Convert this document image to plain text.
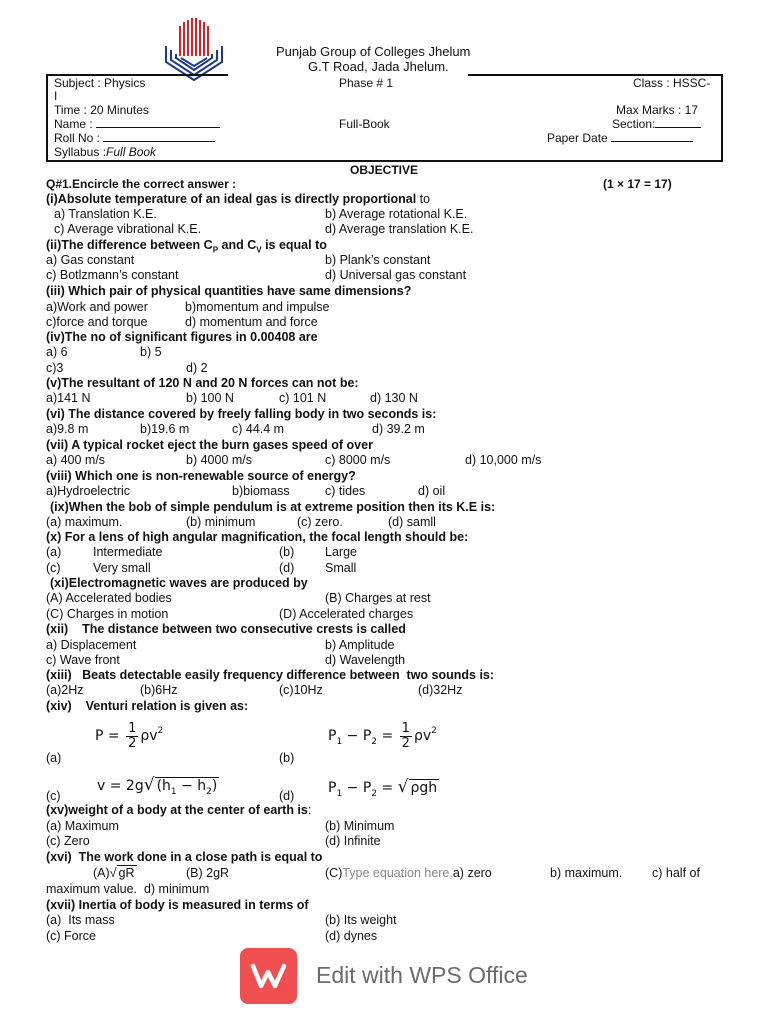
Punjab Group of Colleges Jhelum
G.T Road, Jada Jhelum.
Subject : Physics	Phase # 1	Class : HSSC-
I
Time : 20 Minutes	Max Marks : 17
Name :	Full-Book	Section:
Roll No :	Paper Date
Syllabus :Full Book
OBJECTIVE
Q#1.Encircle the correct answer :	(1 × 17 = 17)
(i)Absolute temperature of an ideal gas is directly proportional to
a) Translation K.E.	b) Average rotational K.E.
c) Average vibrational K.E.	d) Average translation K.E.
(ii)The difference between $C_P$ and $C_V$ is equal to
a) Gas constant	b) Plank’s constant
c) Botlzmann’s constant	d) Universal gas constant
(iii) Which pair of physical quantities have same dimensions?
a)Work and power	b)momentum and impulse
c)force and torque	d) momentum and force
(iv)The no of significant figures in 0.00408 are
a) 6	b) 5
c)3	d) 2
(v)The resultant of 120 N and 20 N forces can not be:
a)141 N	b) 100 N	c) 101 N	d) 130 N
(vi) The distance covered by freely falling body in two seconds is:
a)9.8 m	b)19.6 m	c) 44.4 m	d) 39.2 m
(vii) A typical rocket eject the burn gases speed of over
a) 400 m/s	b) 4000 m/s	c) 8000 m/s	d) 10,000 m/s
(viii) Which one is non-renewable source of energy?
a)Hydroelectric	b)biomass	c) tides	d) oil
(ix)When the bob of simple pendulum is at extreme position then its K.E is:
(a) maximum.	(b) minimum	(c) zero.	(d) samll
(x) For a lens of high angular magnification, the focal length should be:
(a)	Intermediate	(b) Large
(c)	Very small	(d) Small
(xi)Electromagnetic waves are produced by
(A) Accelerated bodies	(B) Charges at rest
(C) Charges in motion	(D) Accelerated charges
(xii)    The distance between two consecutive crests is called
a) Displacement	b) Amplitude
c) Wave front	d) Wavelength
(xiii)   Beats detectable easily frequency difference between  two sounds is:
(a)2Hz	(b)6Hz	(c)10Hz	(d)32Hz
(xiv)    Venturi relation is given as:
(a)
$P = \frac{1}{2} \rho v^2$
(b)
$P_1 - P_2 = \frac{1}{2} \rho v^2$
(c)
v = 2g√ $(h_1 - h_2)$
(d) $P_1 - P_2$ = √ ρgh
(xv)weight of a body at the center of earth is:
(a) Maximum	(b) Minimum
(c) Zero	(d) Infinite
(xvi)  The work done in a close path is equal to
(A)√ gR	(B) 2gR	(C)Type equation here.a) zero	b) maximum. c) half of
maximum value.  d) minimum
(xvii) Inertia of body is measured in terms of
(a)  Its mass	(b) Its weight
(c) Force	(d) dynes
Edit with WPS Office
